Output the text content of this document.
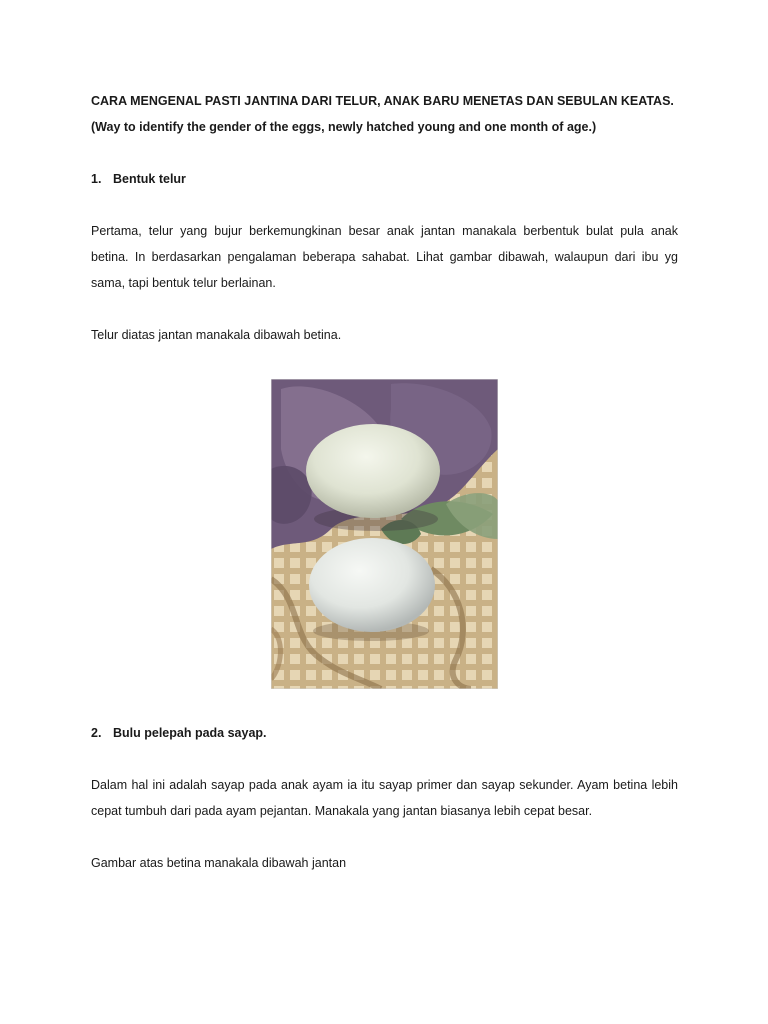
CARA MENGENAL PASTI JANTINA DARI TELUR, ANAK BARU MENETAS DAN SEBULAN KEATAS.

(Way to identify the gender of the eggs, newly hatched young and one month of age.)

1. Bentuk telur

Pertama, telur yang bujur berkemungkinan besar anak jantan manakala berbentuk bulat pula anak

betina. In berdasarkan pengalaman beberapa sahabat. Lihat gambar dibawah, walaupun dari ibu yg

sama, tapi bentuk telur berlainan.

Telur diatas jantan manakala dibawah betina.

2. Bulu pelepah pada sayap.

Dalam hal ini adalah sayap pada anak ayam ia itu sayap primer dan sayap sekunder. Ayam betina lebih

cepat tumbuh dari pada ayam pejantan. Manakala yang jantan biasanya lebih cepat besar.

Gambar atas betina manakala dibawah jantan
